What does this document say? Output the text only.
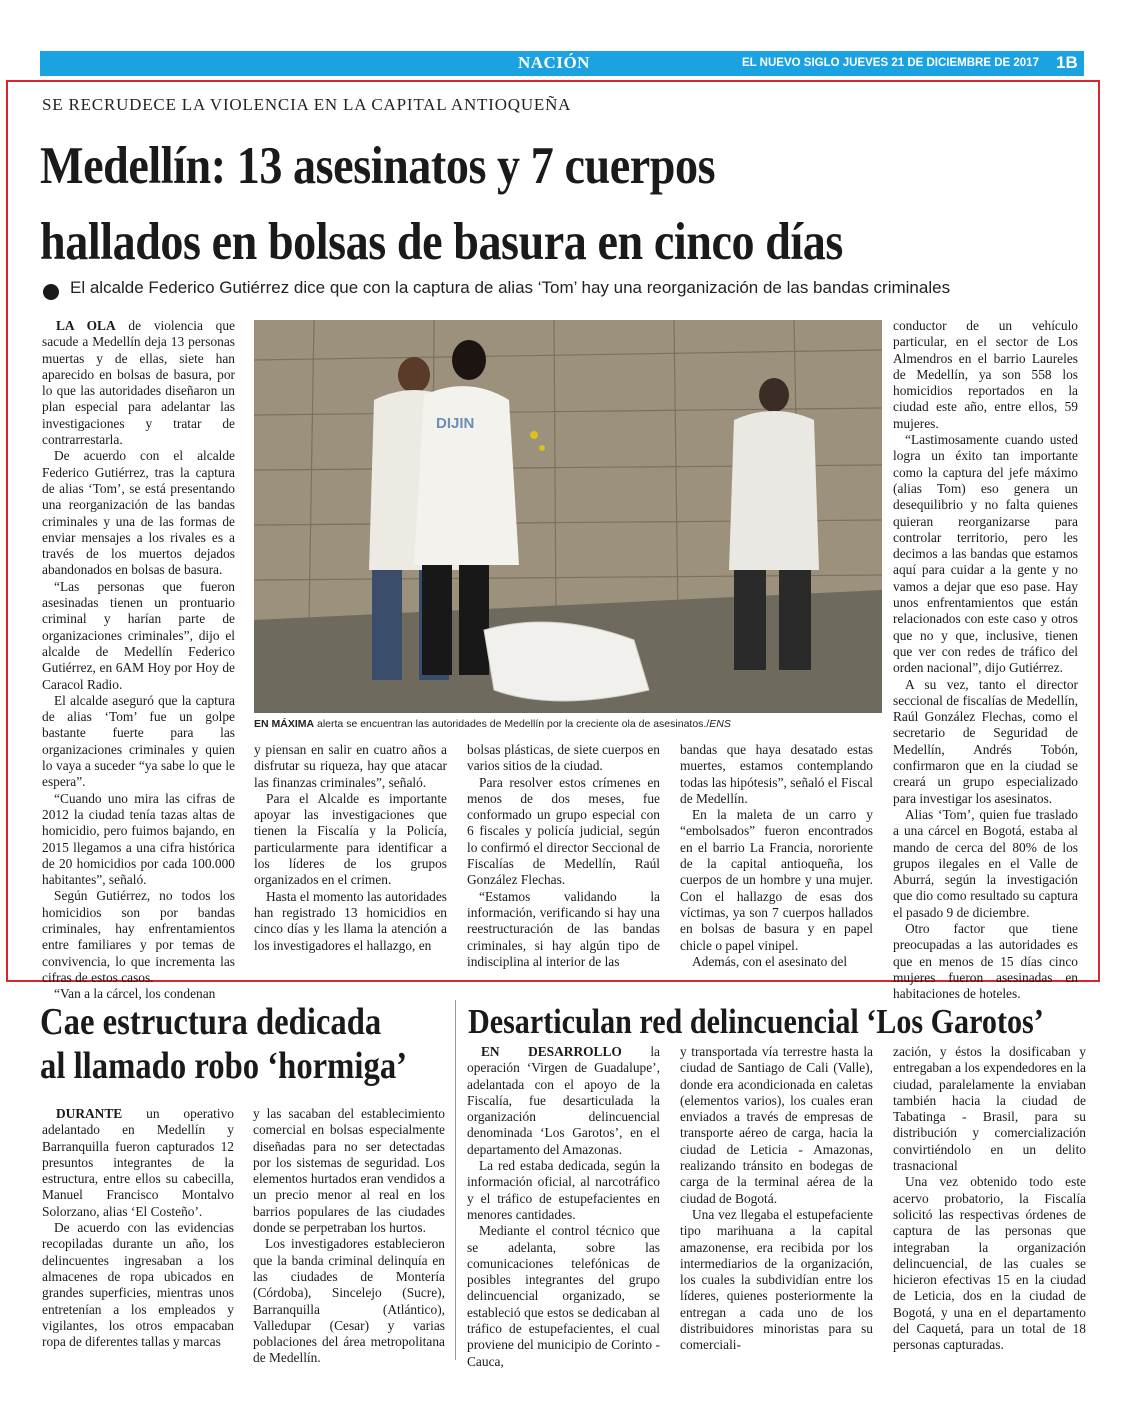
NACIÓN	EL NUEVO SIGLO JUEVES 21 DE DICIEMBRE DE 2017 1B
SE RECRUDECE LA VIOLENCIA EN LA CAPITAL ANTIOQUEÑA
Medellín: 13 asesinatos y 7 cuerpos
hallados en bolsas de basura en cinco días
El alcalde Federico Gutiérrez dice que con la captura de alias ‘Tom’ hay una reorganización de las bandas criminales

LA OLA de violencia que sacude a Medellín deja 13 personas muertas y de ellas, siete han aparecido en bolsas de basura, por lo que las autoridades diseñaron un plan especial para adelantar las investigaciones y tratar de contrarrestarla.

De acuerdo con el alcalde Federico Gutiérrez, tras la captura de alias ‘Tom’, se está presentando una reorganización de las bandas criminales y una de las formas de enviar mensajes a los rivales es a través de los muertos dejados abandonados en bolsas de basura.

“Las personas que fueron asesinadas tienen un prontuario criminal y harían parte de organizaciones criminales”, dijo el alcalde de Medellín Federico Gutiérrez, en 6AM Hoy por Hoy de Caracol Radio.

El alcalde aseguró que la captura de alias ‘Tom’ fue un golpe bastante fuerte para las organizaciones criminales y quien lo vaya a suceder “ya sabe lo que le espera”.

“Cuando uno mira las cifras de 2012 la ciudad tenía tazas altas de homicidio, pero fuimos bajando, en 2015 llegamos a una cifra histórica de 20 homicidios por cada 100.000 habitantes”, señaló.

Según Gutiérrez, no todos los homicidios son por bandas criminales, hay enfrentamientos entre familiares y por temas de convivencia, lo que incrementa las cifras de estos casos.

“Van a la cárcel, los condenan

DIJIN
EN MÁXIMA alerta se encuentran las autoridades de Medellín por la creciente ola de asesinatos./ENS

y piensan en salir en cuatro años a disfrutar su riqueza, hay que atacar las finanzas criminales”, señaló.

Para el Alcalde es importante apoyar las investigaciones que tienen la Fiscalía y la Policía, particularmente para identificar a los líderes de los grupos organizados en el crimen.

Hasta el momento las autoridades han registrado 13 homicidios en cinco días y les llama la atención a los investigadores el hallazgo, en

bolsas plásticas, de siete cuerpos en varios sitios de la ciudad.

Para resolver estos crímenes en menos de dos meses, fue conformado un grupo especial con 6 fiscales y policía judicial, según lo confirmó el director Seccional de Fiscalías de Medellín, Raúl González Flechas.

“Estamos validando la información, verificando si hay una reestructuración de las bandas criminales, si hay algún tipo de indisciplina al interior de las

bandas que haya desatado estas muertes, estamos contemplando todas las hipótesis”, señaló el Fiscal de Medellín.

En la maleta de un carro y “embolsados” fueron encontrados en el barrio La Francia, nororiente de la capital antioqueña, los cuerpos de un hombre y una mujer. Con el hallazgo de esas dos víctimas, ya son 7 cuerpos hallados en bolsas de basura y en papel chicle o papel vinipel.

Además, con el asesinato del

conductor de un vehículo particular, en el sector de Los Almendros en el barrio Laureles de Medellín, ya son 558 los homicidios reportados en la ciudad este año, entre ellos, 59 mujeres.

“Lastimosamente cuando usted logra un éxito tan importante como la captura del jefe máximo (alias Tom) eso genera un desequilibrio y no falta quienes quieran reorganizarse para controlar territorio, pero les decimos a las bandas que estamos aquí para cuidar a la gente y no vamos a dejar que eso pase. Hay unos enfrentamientos que están relacionados con este caso y otros que no y que, inclusive, tienen que ver con redes de tráfico del orden nacional”, dijo Gutiérrez.

A su vez, tanto el director seccional de fiscalías de Medellín, Raúl González Flechas, como el secretario de Seguridad de Medellín, Andrés Tobón, confirmaron que en la ciudad se creará un grupo especializado para investigar los asesinatos.

Alias ‘Tom’, quien fue traslado a una cárcel en Bogotá, estaba al mando de cerca del 80% de los grupos ilegales en el Valle de Aburrá, según la investigación que dio como resultado su captura el pasado 9 de diciembre.

Otro factor que tiene preocupadas a las autoridades es que en menos de 15 días cinco mujeres fueron asesinadas en habitaciones de hoteles.

Cae estructura dedicada
al llamado robo ‘hormiga’

DURANTE un operativo adelantado en Medellín y Barranquilla fueron capturados 12 presuntos integrantes de la estructura, entre ellos su cabecilla, Manuel Francisco Montalvo Solorzano, alias ‘El Costeño’.

De acuerdo con las evidencias recopiladas durante un año, los delincuentes ingresaban a los almacenes de ropa ubicados en grandes superficies, mientras unos entretenían a los empleados y vigilantes, los otros empacaban ropa de diferentes tallas y marcas

y las sacaban del establecimiento comercial en bolsas especialmente diseñadas para no ser detectadas por los sistemas de seguridad. Los elementos hurtados eran vendidos a un precio menor al real en los barrios populares de las ciudades donde se perpetraban los hurtos.

Los investigadores establecieron que la banda criminal delinquía en las ciudades de Montería (Córdoba), Sincelejo (Sucre), Barranquilla (Atlántico), Valledupar (Cesar) y varias poblaciones del área metropolitana de Medellín.

Desarticulan red delincuencial ‘Los Garotos’

EN DESARROLLO la operación ‘Virgen de Guadalupe’, adelantada con el apoyo de la Fiscalía, fue desarticulada la organización delincuencial denominada ‘Los Garotos’, en el departamento del Amazonas.

La red estaba dedicada, según la información oficial, al narcotráfico y el tráfico de estupefacientes en menores cantidades.

Mediante el control técnico que se adelanta, sobre las comunicaciones telefónicas de posibles integrantes del grupo delincuencial organizado, se estableció que estos se dedicaban al tráfico de estupefacientes, el cual proviene del municipio de Corinto - Cauca,

y transportada vía terrestre hasta la ciudad de Santiago de Cali (Valle), donde era acondicionada en caletas (elementos varios), los cuales eran enviados a través de empresas de transporte aéreo de carga, hacia la ciudad de Leticia - Amazonas, realizando tránsito en bodegas de carga de la terminal aérea de la ciudad de Bogotá.

Una vez llegaba el estupefaciente tipo marihuana a la capital amazonense, era recibida por los intermediarios de la organización, los cuales la subdividían entre los líderes, quienes posteriormente la entregan a cada uno de los distribuidores minoristas para su comerciali-

zación, y éstos la dosificaban y entregaban a los expendedores en la ciudad, paralelamente la enviaban también hacia la ciudad de Tabatinga - Brasil, para su distribución y comercialización convirtiéndolo en un delito trasnacional

Una vez obtenido todo este acervo probatorio, la Fiscalía solicitó las respectivas órdenes de captura de las personas que integraban la organización delincuencial, de las cuales se hicieron efectivas 15 en la ciudad de Leticia, dos en la ciudad de Bogotá, y una en el departamento del Caquetá, para un total de 18 personas capturadas.
